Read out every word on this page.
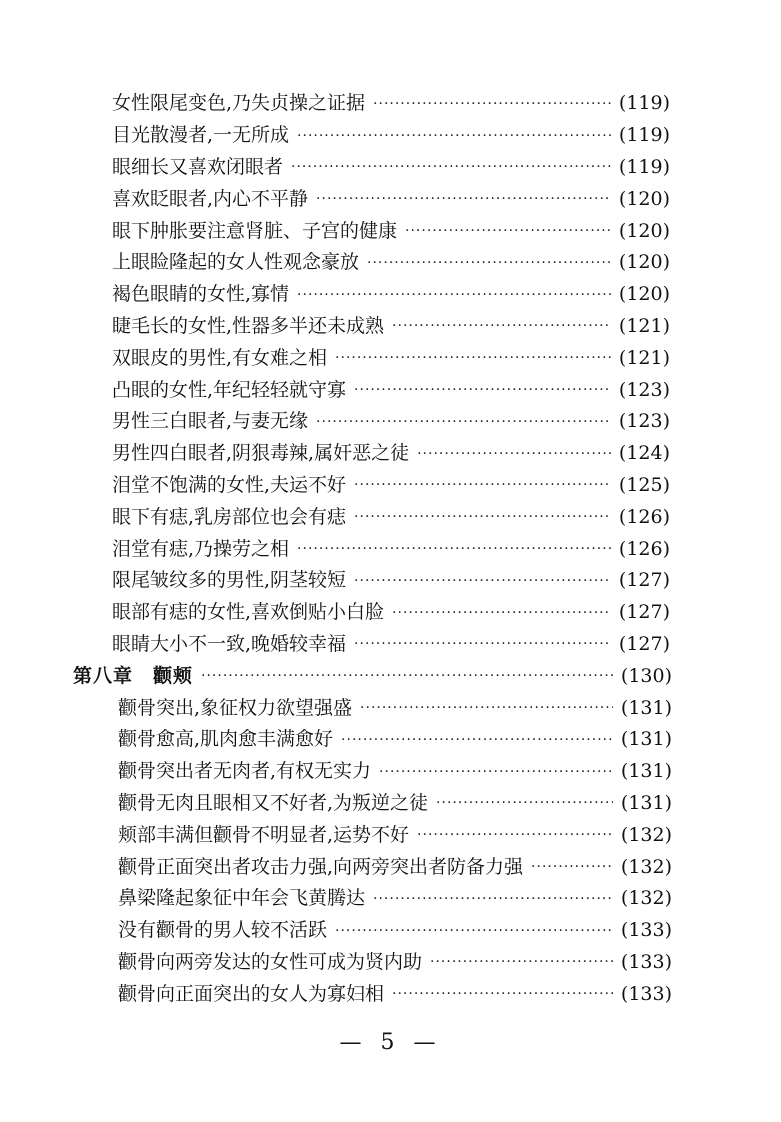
女性限尾变色,乃失贞操之证据 ·····	(119)
目光散漫者,一无所成 ·····	(119)
眼细长又喜欢闭眼者 ·····	(119)
喜欢眨眼者,内心不平静 ·····	(120)
眼下肿胀要注意肾脏、子宫的健康 ·····	(120)
上眼睑隆起的女人性观念豪放 ·····	(120)
褐色眼睛的女性,寡情 ·····	(120)
睫毛长的女性,性器多半还未成熟 ·····	(121)
双眼皮的男性,有女难之相 ·····	(121)
凸眼的女性,年纪轻轻就守寡 ·····	(123)
男性三白眼者,与妻无缘 ·····	(123)
男性四白眼者,阴狠毒辣,属奸恶之徒 ·····	(124)
泪堂不饱满的女性,夫运不好 ·····	(125)
眼下有痣,乳房部位也会有痣 ·····	(126)
泪堂有痣,乃操劳之相 ·····	(126)
限尾皱纹多的男性,阴茎较短 ·····	(127)
眼部有痣的女性,喜欢倒贴小白脸 ·····	(127)
眼睛大小不一致,晚婚较幸福 ·····	(127)
第八章　颧颊 ·····	(130)
颧骨突出,象征权力欲望强盛 ·····	(131)
颧骨愈高,肌肉愈丰满愈好 ·····	(131)
颧骨突出者无肉者,有权无实力 ·····	(131)
颧骨无肉且眼相又不好者,为叛逆之徒 ·····	(131)
颊部丰满但颧骨不明显者,运势不好 ·····	(132)
颧骨正面突出者攻击力强,向两旁突出者防备力强 ·····	(132)
鼻梁隆起象征中年会飞黄腾达 ·····	(132)
没有颧骨的男人较不活跃 ·····	(133)
颧骨向两旁发达的女性可成为贤内助 ·····	(133)
颧骨向正面突出的女人为寡妇相 ·····	(133)
— 5 —
